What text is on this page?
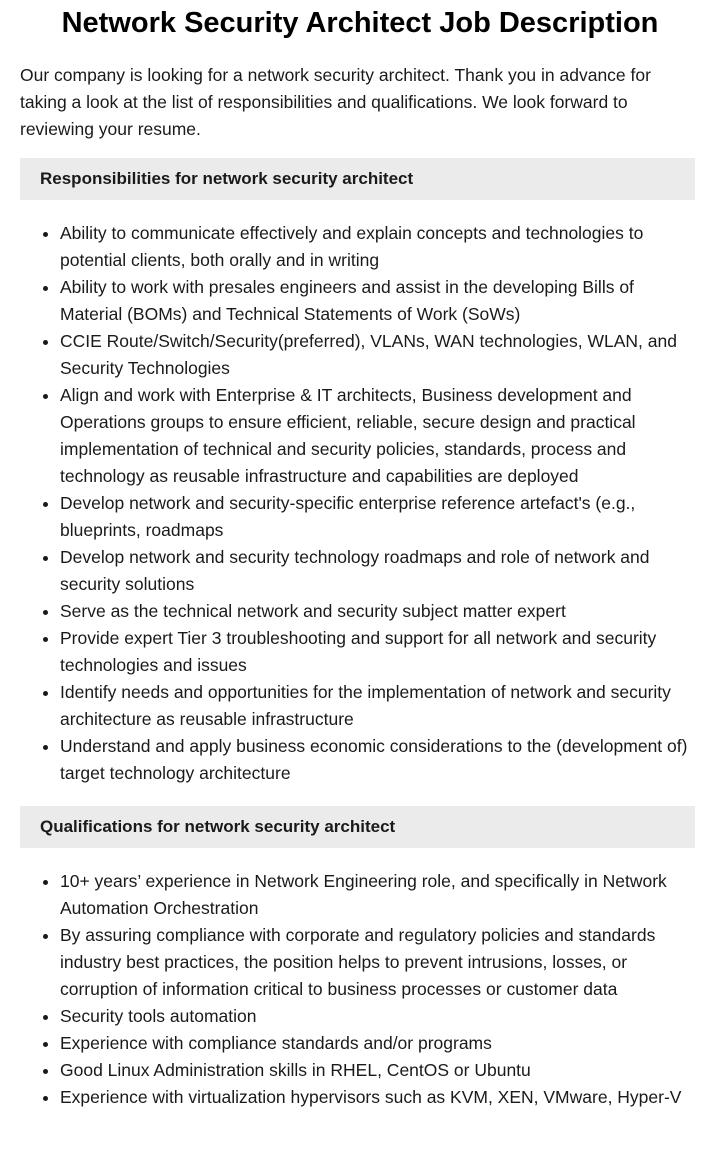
Network Security Architect Job Description

Our company is looking for a network security architect. Thank you in advance for taking a look at the list of responsibilities and qualifications. We look forward to reviewing your resume.

Responsibilities for network security architect
• Ability to communicate effectively and explain concepts and technologies to potential clients, both orally and in writing
• Ability to work with presales engineers and assist in the developing Bills of Material (BOMs) and Technical Statements of Work (SoWs)
• CCIE Route/Switch/Security(preferred), VLANs, WAN technologies, WLAN, and Security Technologies
• Align and work with Enterprise & IT architects, Business development and Operations groups to ensure efficient, reliable, secure design and practical implementation of technical and security policies, standards, process and technology as reusable infrastructure and capabilities are deployed
• Develop network and security-specific enterprise reference artefact's (e.g., blueprints, roadmaps
• Develop network and security technology roadmaps and role of network and security solutions
• Serve as the technical network and security subject matter expert
• Provide expert Tier 3 troubleshooting and support for all network and security technologies and issues
• Identify needs and opportunities for the implementation of network and security architecture as reusable infrastructure
• Understand and apply business economic considerations to the (development of) target technology architecture
Qualifications for network security architect
• 10+ years’ experience in Network Engineering role, and specifically in Network Automation Orchestration
• By assuring compliance with corporate and regulatory policies and standards industry best practices, the position helps to prevent intrusions, losses, or corruption of information critical to business processes or customer data
• Security tools automation
• Experience with compliance standards and/or programs
• Good Linux Administration skills in RHEL, CentOS or Ubuntu
• Experience with virtualization hypervisors such as KVM, XEN, VMware, Hyper-V
